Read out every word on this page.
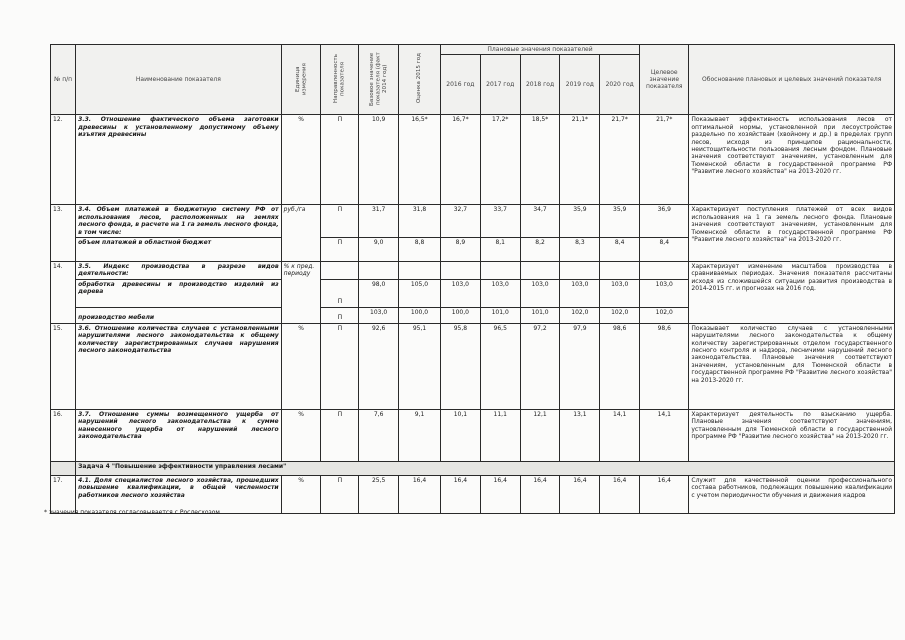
№ п/п	Наименование показателя	Единица измерения	Направленность показателя	Базовое значение показателя (факт 2014 год)	Оценка 2015 год	Плановые значения показателей					Целевое значение показателя	Обоснование плановых и целевых значений показателя
						2016 год	2017 год	2018 год	2019 год	2020 год		
12.	3.3. Отношение фактического объема заготовки древесины к установленному допустимому объему изъятия древесины	%	П	10,9	16,5*	16,7*	17,2*	18,5*	21,1*	21,7*	21,7*	Показывает эффективность использования лесов от оптимальной нормы, установленной при лесоустройстве раздельно по хозяйствам (хвойному и др.) в пределах групп лесов, исходя из принципов рациональности, неистощительности пользования лесным фондом. Плановые значения соответствуют значениям, установленным для Тюменской области в государственной программе РФ "Развитие лесного хозяйства" на 2013-2020 гг.
13.	3.4. Объем платежей в бюджетную систему РФ от использования лесов, расположенных на землях лесного фонда, в расчете на 1 га земель лесного фонда, в том числе:	руб./га	П	31,7	31,8	32,7	33,7	34,7	35,9	35,9	36,9	Характеризует поступления платежей от всех видов использования на 1 га земель лесного фонда. Плановые значения соответствуют значениям, установленным для Тюменской области в государственной программе РФ "Развитие лесного хозяйства" на 2013-2020 гг.
	объем платежей в областной бюджет		П	9,0	8,8	8,9	8,1	8,2	8,3	8,4	8,4	
14.	3.5. Индекс производства в разрезе видов деятельности:	% к пред. периоду										Характеризует изменение масштабов производства в сравниваемых периодах. Значения показателя рассчитаны исходя из сложившейся ситуации развития производства в 2014-2015 гг. и прогнозах на 2016 год.
	обработка древесины и производство изделий из дерева		П	98,0	105,0	103,0	103,0	103,0	103,0	103,0	103,0	
	производство мебели		П	103,0	100,0	100,0	101,0	101,0	102,0	102,0	102,0	
15.	3.6. Отношение количества случаев с установленными нарушителями лесного законодательства к общему количеству зарегистрированных случаев нарушения лесного законодательства	%	П	92,6	95,1	95,8	96,5	97,2	97,9	98,6	98,6	Показывает количество случаев с установленными нарушителями лесного законодательства к общему количеству зарегистрированных отделом государственного лесного контроля и надзора, лесничими нарушений лесного законодательства. Плановые значения соответствуют значениям, установленным для Тюменской области в государственной программе РФ "Развитие лесного хозяйства" на 2013-2020 гг.
16.	3.7. Отношение суммы возмещенного ущерба от нарушений лесного законодательства к сумме нанесенного ущерба от нарушений лесного законодательства	%	П	7,6	9,1	10,1	11,1	12,1	13,1	14,1	14,1	Характеризует деятельность по взысканию ущерба. Плановые значения соответствуют значениям, установленным для Тюменской области в государственной программе РФ "Развитие лесного хозяйства" на 2013-2020 гг.
	Задача 4 "Повышение эффективности управления лесами"											
17.	4.1. Доля специалистов лесного хозяйства, прошедших повышение квалификации, в общей численности работников лесного хозяйства	%	П	25,5	16,4	16,4	16,4	16,4	16,4	16,4	16,4	Служит для качественной оценки профессионального состава работников, подлежащих повышению квалификации с учетом периодичности обучения и движения кадров
* значения показателя согласовывается с Рослесхозом
